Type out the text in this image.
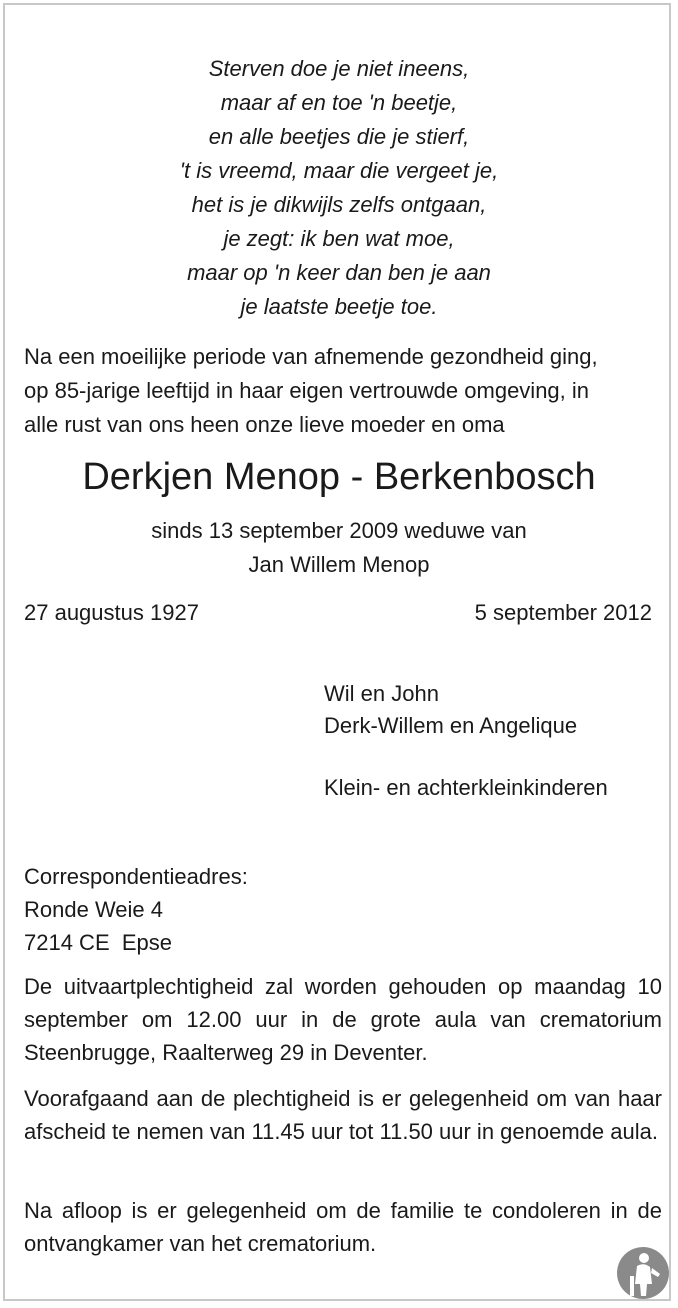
Sterven doe je niet ineens,
maar af en toe 'n beetje,
en alle beetjes die je stierf,
't is vreemd, maar die vergeet je,
het is je dikwijls zelfs ontgaan,
je zegt: ik ben wat moe,
maar op 'n keer dan ben je aan
je laatste beetje toe.
Na een moeilijke periode van afnemende gezondheid ging,
op 85-jarige leeftijd in haar eigen vertrouwde omgeving, in
alle rust van ons heen onze lieve moeder en oma
Derkjen Menop - Berkenbosch
sinds 13 september 2009 weduwe van
Jan Willem Menop
27 augustus 1927	5 september 2012
Wil en John
Derk-Willem en Angelique
Klein- en achterkleinkinderen
Correspondentieadres:
Ronde Weie 4
7214 CE  Epse
De uitvaartplechtigheid zal worden gehouden op maandag 10 september om 12.00 uur in de grote aula van crematorium Steenbrugge, Raalterweg 29 in Deventer.
Voorafgaand aan de plechtigheid is er gelegenheid om van haar afscheid te nemen van 11.45 uur tot 11.50 uur in genoemde aula.
Na afloop is er gelegenheid om de familie te condoleren in de ontvangkamer van het crematorium.
